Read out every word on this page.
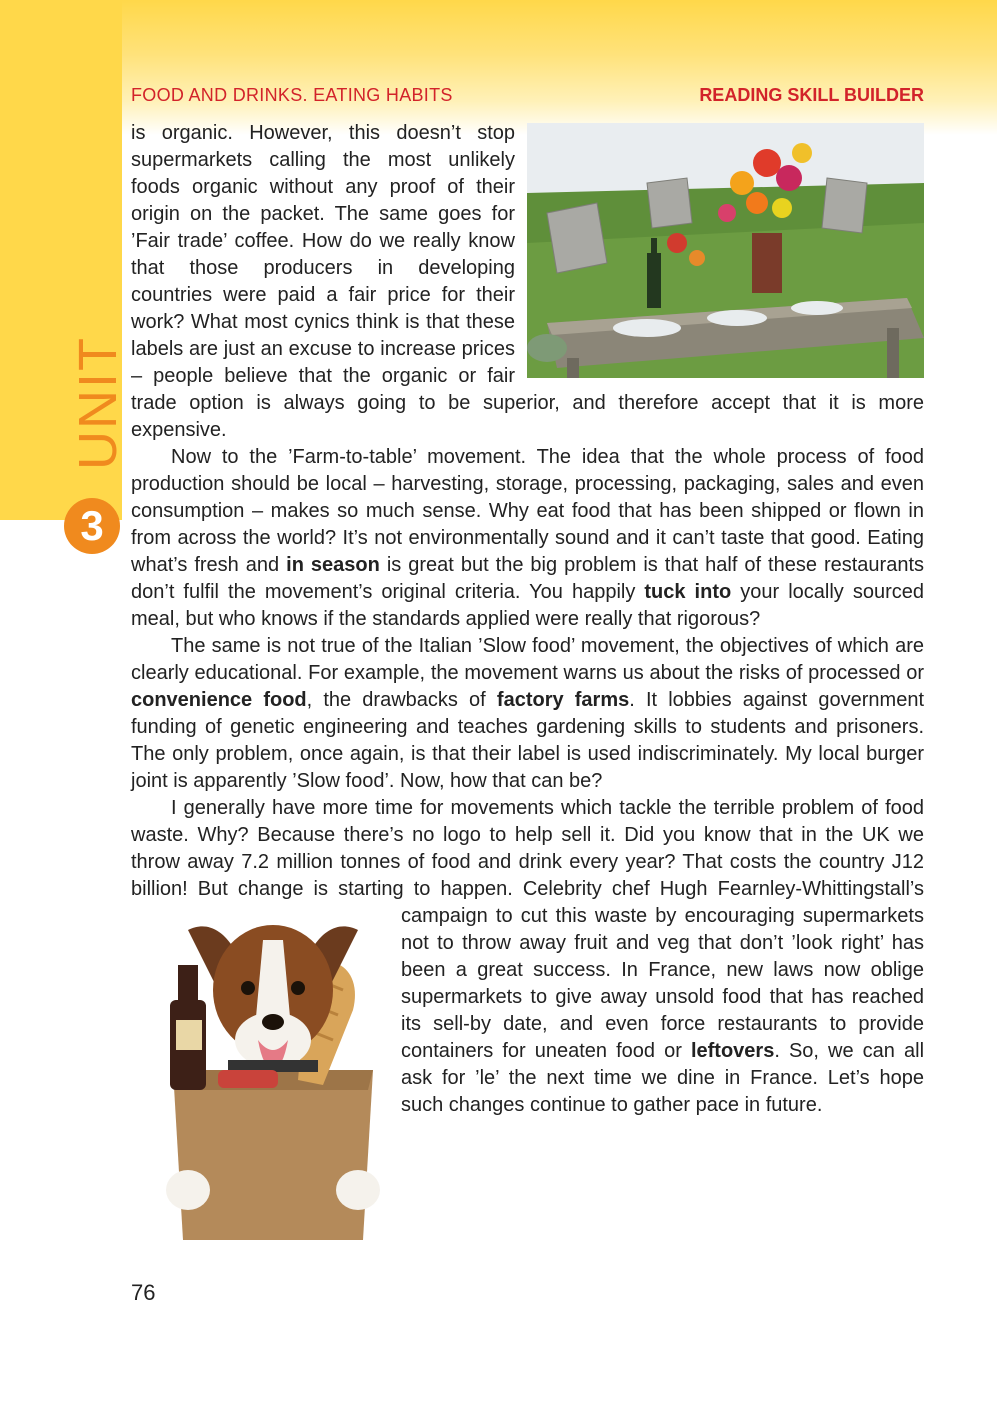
UNIT
3
FOOD AND DRINKS. EATING HABITS	READING SKILL BUILDER

is organic. However, this doesn’t stop supermarkets calling the most unlikely foods organic without any proof of their origin on the packet. The same goes for ’Fair trade’ coffee. How do we really know that those producers in developing countries were paid a fair price for their work? What most cynics think is that these labels are just an excuse to increase prices – people believe that the organic or fair trade option is always going to be superior, and therefore accept that it is more expensive.

Now to the ’Farm-to-table’ movement. The idea that the whole process of food production should be local – harvesting, storage, processing, packaging, sales and even consumption – makes so much sense. Why eat food that has been shipped or flown in from across the world? It’s not environmentally sound and it can’t taste that good. Eating what’s fresh and in season is great but the big problem is that half of these restaurants don’t fulfil the movement’s original criteria. You happily tuck into your locally sourced meal, but who knows if the standards applied were really that rigorous?

The same is not true of the Italian ’Slow food’ movement, the objectives of which are clearly educational. For example, the movement warns us about the risks of processed or convenience food, the drawbacks of factory farms. It lobbies against government funding of genetic engineering and teaches gardening skills to students and prisoners. The only problem, once again, is that their label is used indiscriminately. My local burger joint is apparently ’Slow food’. Now, how that can be?

I generally have more time for movements which tackle the terrible problem of food waste. Why? Because there’s no logo to help sell it. Did you know that in the UK we throw away 7.2 million tonnes of food and drink every year? That costs the country J12 billion! But change is starting to happen. Celebrity chef Hugh Fearnley-Whittingstall’s campaign to cut this waste by encouraging supermarkets not to throw away fruit and veg that don’t ’look right’ has been a great success. In France, new laws now oblige supermarkets to give away unsold food that has reached its sell-by date, and even force restaurants to provide containers for uneaten food or leftovers. So, we can all ask for ’le’ the next time we dine in France. Let’s hope such changes continue to gather pace in future.

76
